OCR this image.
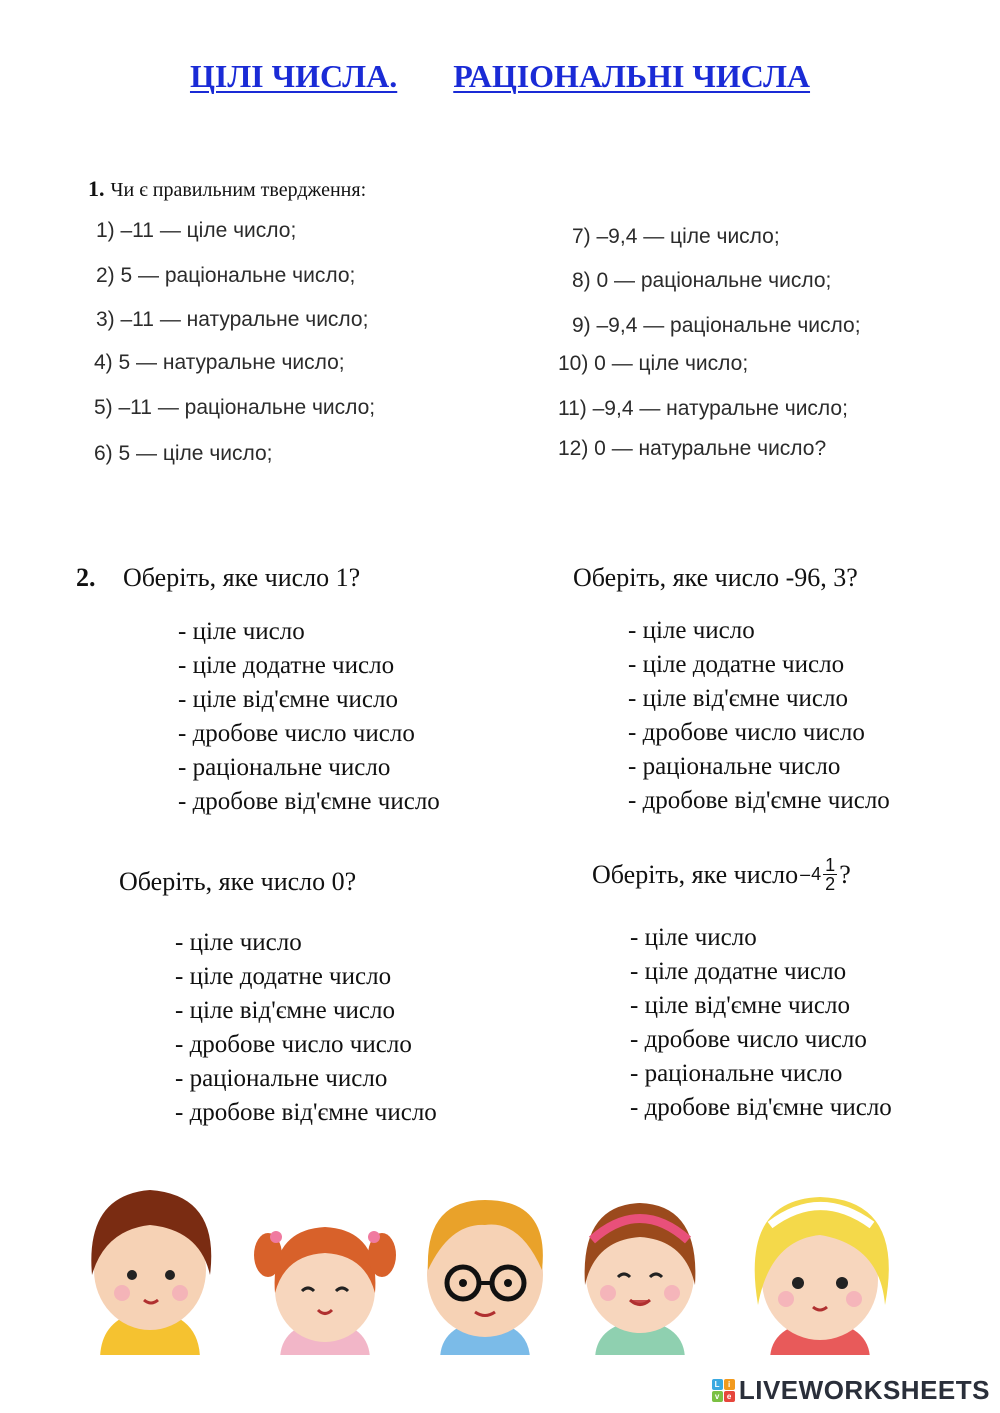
ЦІЛІ ЧИСЛА. РАЦІОНАЛЬНІ ЧИСЛА
1. Чи є правильним твердження:
1) –11 — ціле число;
2) 5 — раціональне число;
3) –11 — натуральне число;
4) 5 — натуральне число;
5) –11 — раціональне число;
6) 5 — ціле число;
7) –9,4 — ціле число;
8) 0 — раціональне число;
9) –9,4 — раціональне число;
10) 0 — ціле число;
11) –9,4 — натуральне число;
12) 0 — натуральне число?
2. Оберіть, яке число 1?
- ціле число
- ціле додатне число
- ціле від'ємне число
- дробове число число
- раціональне число
- дробове від'ємне число
Оберіть, яке число -96, 3?
- ціле число
- ціле додатне число
- ціле від'ємне число
- дробове число число
- раціональне число
- дробове від'ємне число
Оберіть, яке число 0?
- ціле число
- ціле додатне число
- ціле від'ємне число
- дробове число число
- раціональне число
- дробове від'ємне число
Оберіть, яке число – $4 \frac{1}{2}$ ?
- ціле число
- ціле додатне число
- ціле від'ємне число
- дробове число число
- раціональне число
- дробове від'ємне число
L i
v e LIVEWORKSHEETS
